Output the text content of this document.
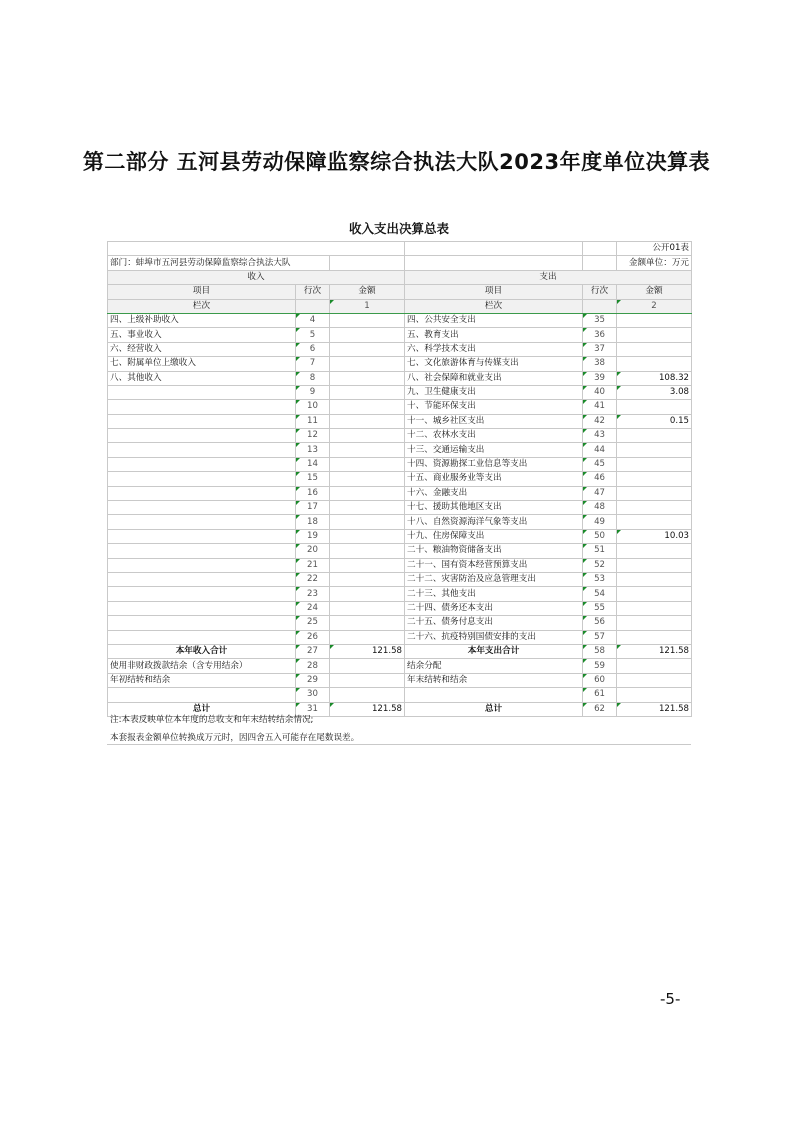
第二部分 五河县劳动保障监察综合执法大队2023年度单位决算表
收入支出决算总表
					公开01表
部门：蚌埠市五河县劳动保障监察综合执法大队					金额单位：万元
收入			支出		
项目	行次	金额	项目	行次	金额
栏次		1	栏次		2
四、上级补助收入	4		四、公共安全支出	35	
五、事业收入	5		五、教育支出	36	
六、经营收入	6		六、科学技术支出	37	
七、附属单位上缴收入	7		七、文化旅游体育与传媒支出	38	
八、其他收入	8		八、社会保障和就业支出	39	108.32
	9		九、卫生健康支出	40	3.08
	10		十、节能环保支出	41	
	11		十一、城乡社区支出	42	0.15
	12		十二、农林水支出	43	
	13		十三、交通运输支出	44	
	14		十四、资源勘探工业信息等支出	45	
	15		十五、商业服务业等支出	46	
	16		十六、金融支出	47	
	17		十七、援助其他地区支出	48	
	18		十八、自然资源海洋气象等支出	49	
	19		十九、住房保障支出	50	10.03
	20		二十、粮油物资储备支出	51	
	21		二十一、国有资本经营预算支出	52	
	22		二十二、灾害防治及应急管理支出	53	
	23		二十三、其他支出	54	
	24		二十四、债务还本支出	55	
	25		二十五、债务付息支出	56	
	26		二十六、抗疫特别国债安排的支出	57	
本年收入合计	27	121.58	本年支出合计	58	121.58
使用非财政拨款结余（含专用结余）	28		结余分配	59	
年初结转和结余	29		年末结转和结余	60	
	30			61	
总计	31	121.58	总计	62	121.58
注:本表反映单位本年度的总收支和年末结转结余情况;
本套报表金额单位转换成万元时，因四舍五入可能存在尾数误差。
-5-
